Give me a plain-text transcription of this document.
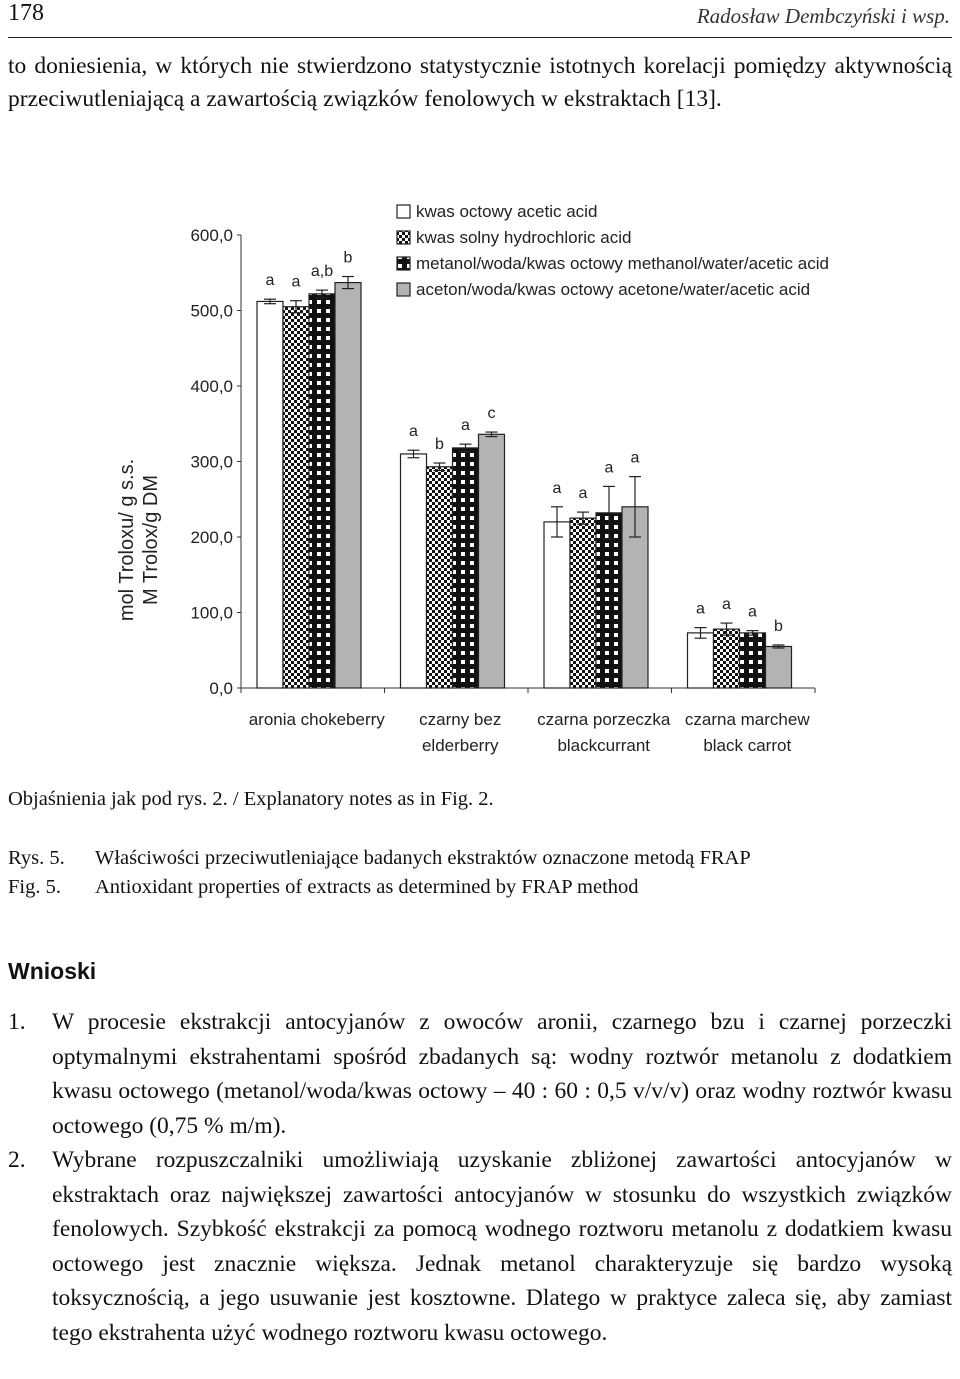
178	Radosław Dembczyński i wsp.

to doniesienia, w których nie stwierdzono statystycznie istotnych korelacji pomiędzy aktywnością przeciwutleniającą a zawartością związków fenolowych w ekstraktach [13].

0,0
100,0
200,0
300,0
400,0
500,0
600,0
a a
a,b
b
a
b
a
c
a a
a
a
a a a
b
kwas octowy acetic acid
kwas solny hydrochloric acid
metanol/woda/kwas octowy methanol/water/acetic acid
aceton/woda/kwas octowy acetone/water/acetic acid
aronia chokeberry czarny bez
elderberry
czarna porzeczka
blackcurrant
czarna marchew
black carrot
mol Troloxu/ g s.s. M Trolox/g DM
Objaśnienia jak pod rys. 2. / Explanatory notes as in Fig. 2.
Rys. 5. Właściwości przeciwutleniające badanych ekstraktów oznaczone metodą FRAP
Fig. 5. Antioxidant properties of extracts as determined by FRAP method
Wnioski
1. W procesie ekstrakcji antocyjanów z owoców aronii, czarnego bzu i czarnej porzeczki optymalnymi ekstrahentami spośród zbadanych są: wodny roztwór metanolu z dodatkiem kwasu octowego (metanol/woda/kwas octowy – 40 : 60 : 0,5 v/v/v) oraz wodny roztwór kwasu octowego (0,75 % m/m).
2. Wybrane rozpuszczalniki umożliwiają uzyskanie zbliżonej zawartości antocyjanów w ekstraktach oraz największej zawartości antocyjanów w stosunku do wszystkich związków fenolowych. Szybkość ekstrakcji za pomocą wodnego roztworu metanolu z dodatkiem kwasu octowego jest znacznie większa. Jednak metanol charakteryzuje się bardzo wysoką toksycznością, a jego usuwanie jest kosztowne. Dlatego w praktyce zaleca się, aby zamiast tego ekstrahenta użyć wodnego roztworu kwasu octowego.
